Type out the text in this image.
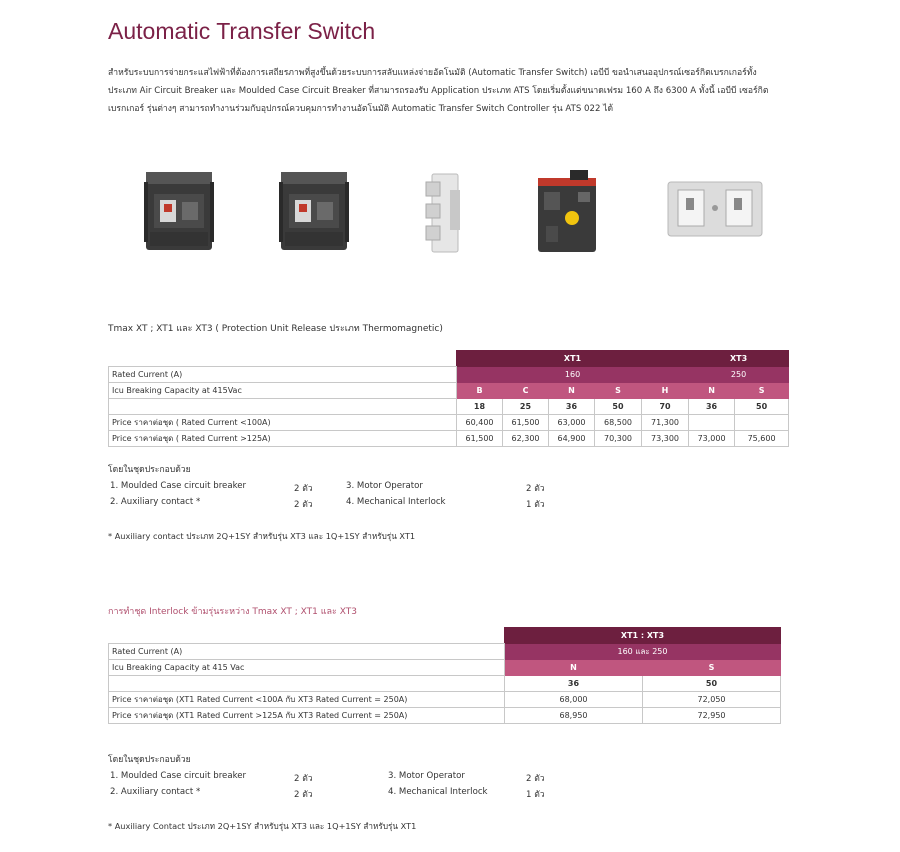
Automatic Transfer Switch

สำหรับระบบการจ่ายกระแสไฟฟ้าที่ต้องการเสถียรภาพที่สูงขึ้นด้วยระบบการสลับแหล่งจ่ายอัตโนมัติ (Automatic Transfer Switch) เอบีบี ขอนำเสนออุปกรณ์เซอร์กิตเบรกเกอร์ทั้งประเภท Air Circuit Breaker และ Moulded Case Circuit Breaker ที่สามารถรองรับ Application ประเภท ATS โดยเริ่มตั้งแต่ขนาดเฟรม 160 A ถึง 6300 A ทั้งนี้ เอบีบี เซอร์กิตเบรกเกอร์ รุ่นต่างๆ สามารถทำงานร่วมกับอุปกรณ์ควบคุมการทำงานอัตโนมัติ Automatic Transfer Switch Controller รุ่น ATS 022 ได้

Tmax XT ; XT1 และ XT3 ( Protection Unit Release ประเภท Thermomagnetic)

	XT1					XT3	
Rated Current (A)	160					250	
Icu Breaking Capacity at 415Vac	B	C	N	S	H	N	S
	18	25	36	50	70	36	50
Price ราคาต่อชุด ( Rated Current <100A)	60,400	61,500	63,000	68,500	71,300		
Price ราคาต่อชุด ( Rated Current >125A)	61,500	62,300	64,900	70,300	73,300	73,000	75,600
โดยในชุดประกอบด้วย
1. Moulded Case circuit breaker	2 ตัว
2. Auxiliary contact *	2 ตัว
3. Motor Operator	2 ตัว
4. Mechanical Interlock	1 ตัว

* Auxiliary contact ประเภท 2Q+1SY สำหรับรุ่น XT3 และ 1Q+1SY สำหรับรุ่น XT1

การทำชุด Interlock ข้ามรุ่นระหว่าง Tmax XT ; XT1 และ XT3

	XT1 : XT3	
Rated Current (A)	160 และ 250	
Icu Breaking Capacity at 415 Vac	N	S
	36	50
Price ราคาต่อชุด (XT1 Rated Current <100A กับ XT3 Rated Current = 250A)	68,000	72,050
Price ราคาต่อชุด (XT1 Rated Current >125A กับ XT3 Rated Current = 250A)	68,950	72,950
โดยในชุดประกอบด้วย
1. Moulded Case circuit breaker	2 ตัว
2. Auxiliary contact *	2 ตัว
3. Motor Operator	2 ตัว
4. Mechanical Interlock	1 ตัว

* Auxiliary Contact ประเภท 2Q+1SY สำหรับรุ่น XT3 และ 1Q+1SY สำหรับรุ่น XT1
